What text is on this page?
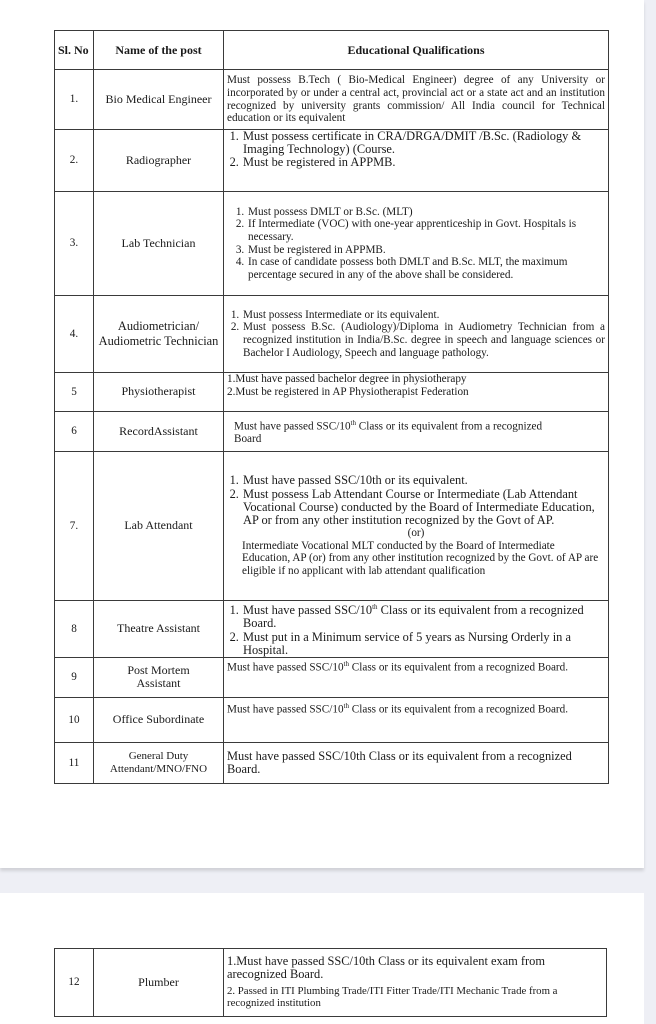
Sl. No	Name of the post	Educational Qualifications
1.	Bio Medical Engineer	Must possess B.Tech ( Bio-Medical Engineer) degree of any University or incorporated by or under a central act, provincial act or a state act and an institution recognized by university grants commission/ All India council for Technical education or its equivalent
2.	Radiographer	
1. Must possess certificate in CRA/DRGA/DMIT /B.Sc. (Radiology & Imaging Technology) (Course.
2. Must be registered in APPMB.

3.	Lab Technician	
1. Must possess DMLT or B.Sc. (MLT)
2. If Intermediate (VOC) with one-year apprenticeship in Govt. Hospitals is necessary.
3. Must be registered in APPMB.
4. In case of candidate possess both DMLT and B.Sc. MLT, the maximum percentage secured in any of the above shall be considered.

4.	Audiometrician/ Audiometric Technician	
1. Must possess Intermediate or its equivalent.
2. Must possess B.Sc. (Audiology)/Diploma in Audiometry Technician from a recognized institution in India/B.Sc. degree in speech and language sciences or Bachelor I Audiology, Speech and language pathology.

5	Physiotherapist	1.Must have passed bachelor degree in physiotherapy
2.Must be registered in AP Physiotherapist Federation

6	RecordAssistant	Must have passed SSC/10th Class or its equivalent from a recognized Board
7.	Lab Attendant	
1. Must have passed SSC/10th or its equivalent.
2. Must possess Lab Attendant Course or Intermediate (Lab Attendant Vocational Course) conducted by the Board of Intermediate Education, AP or from any other institution recognized by the Govt of AP.
(or)
Intermediate Vocational MLT conducted by the Board of Intermediate Education, AP (or) from any other institution recognized by the Govt. of AP are eligible if no applicant with lab attendant qualification

8	Theatre Assistant	
1. Must have passed SSC/10th Class or its equivalent from a recognized Board.
2. Must put in a Minimum service of 5 years as Nursing Orderly in a Hospital.

9	Post Mortem Assistant	Must have passed SSC/10th Class or its equivalent from a recognized Board.
10	Office Subordinate	Must have passed SSC/10th Class or its equivalent from a recognized Board.
11	General Duty Attendant/MNO/FNO	Must have passed SSC/10th Class or its equivalent from a recognized Board.
12	Plumber	
1.Must have passed SSC/10th Class or its equivalent exam from arecognized Board.
2. Passed in ITI Plumbing Trade/ITI Fitter Trade/ITI Mechanic Trade from a recognized institution
